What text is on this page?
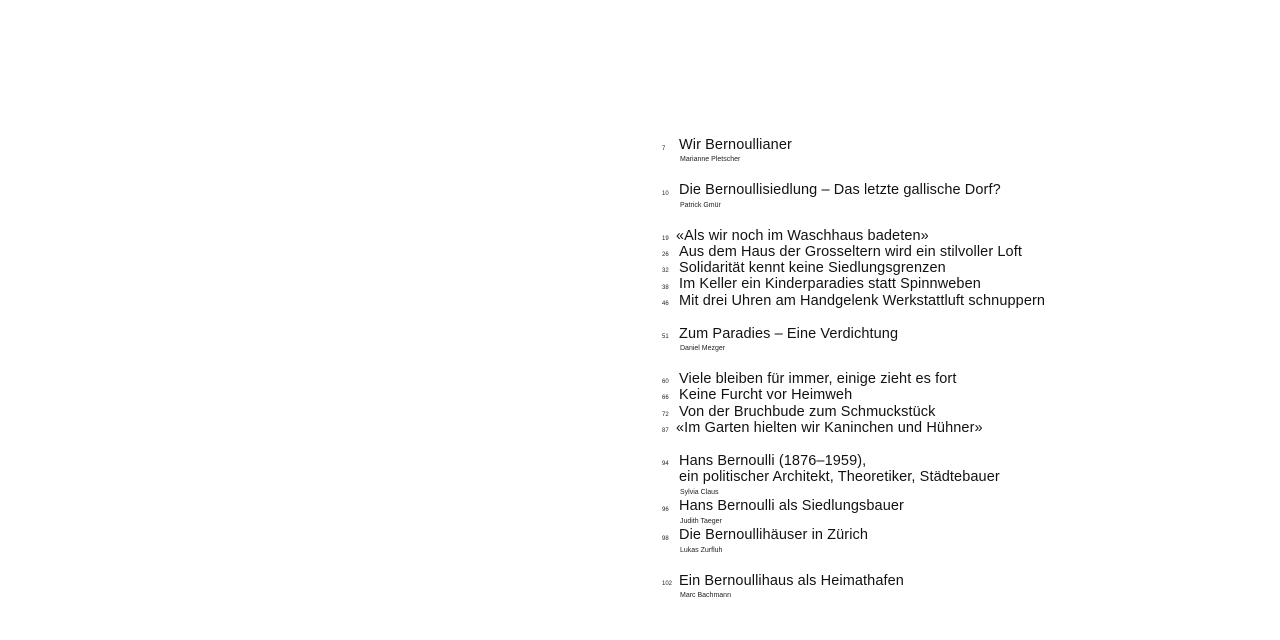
7 Wir Bernoullianer
Marianne Pletscher
10 Die Bernoullisiedlung – Das letzte gallische Dorf?
Patrick Gmür
19 «Als wir noch im Waschhaus badeten»
26 Aus dem Haus der Grosseltern wird ein stilvoller Loft
32 Solidarität kennt keine Siedlungsgrenzen
38 Im Keller ein Kinderparadies statt Spinnweben
46 Mit drei Uhren am Handgelenk Werkstattluft schnuppern
51 Zum Paradies – Eine Verdichtung
Daniel Mezger
60 Viele bleiben für immer, einige zieht es fort
66 Keine Furcht vor Heimweh
72 Von der Bruchbude zum Schmuckstück
87 «Im Garten hielten wir Kaninchen und Hühner»
94 Hans Bernoulli (1876–1959),
ein politischer Architekt, Theoretiker, Städtebauer
Sylvia Claus
96 Hans Bernoulli als Siedlungsbauer
Judith Taeger
98 Die Bernoullihäuser in Zürich
Lukas Zurfluh
102 Ein Bernoullihaus als Heimathafen
Marc Bachmann
